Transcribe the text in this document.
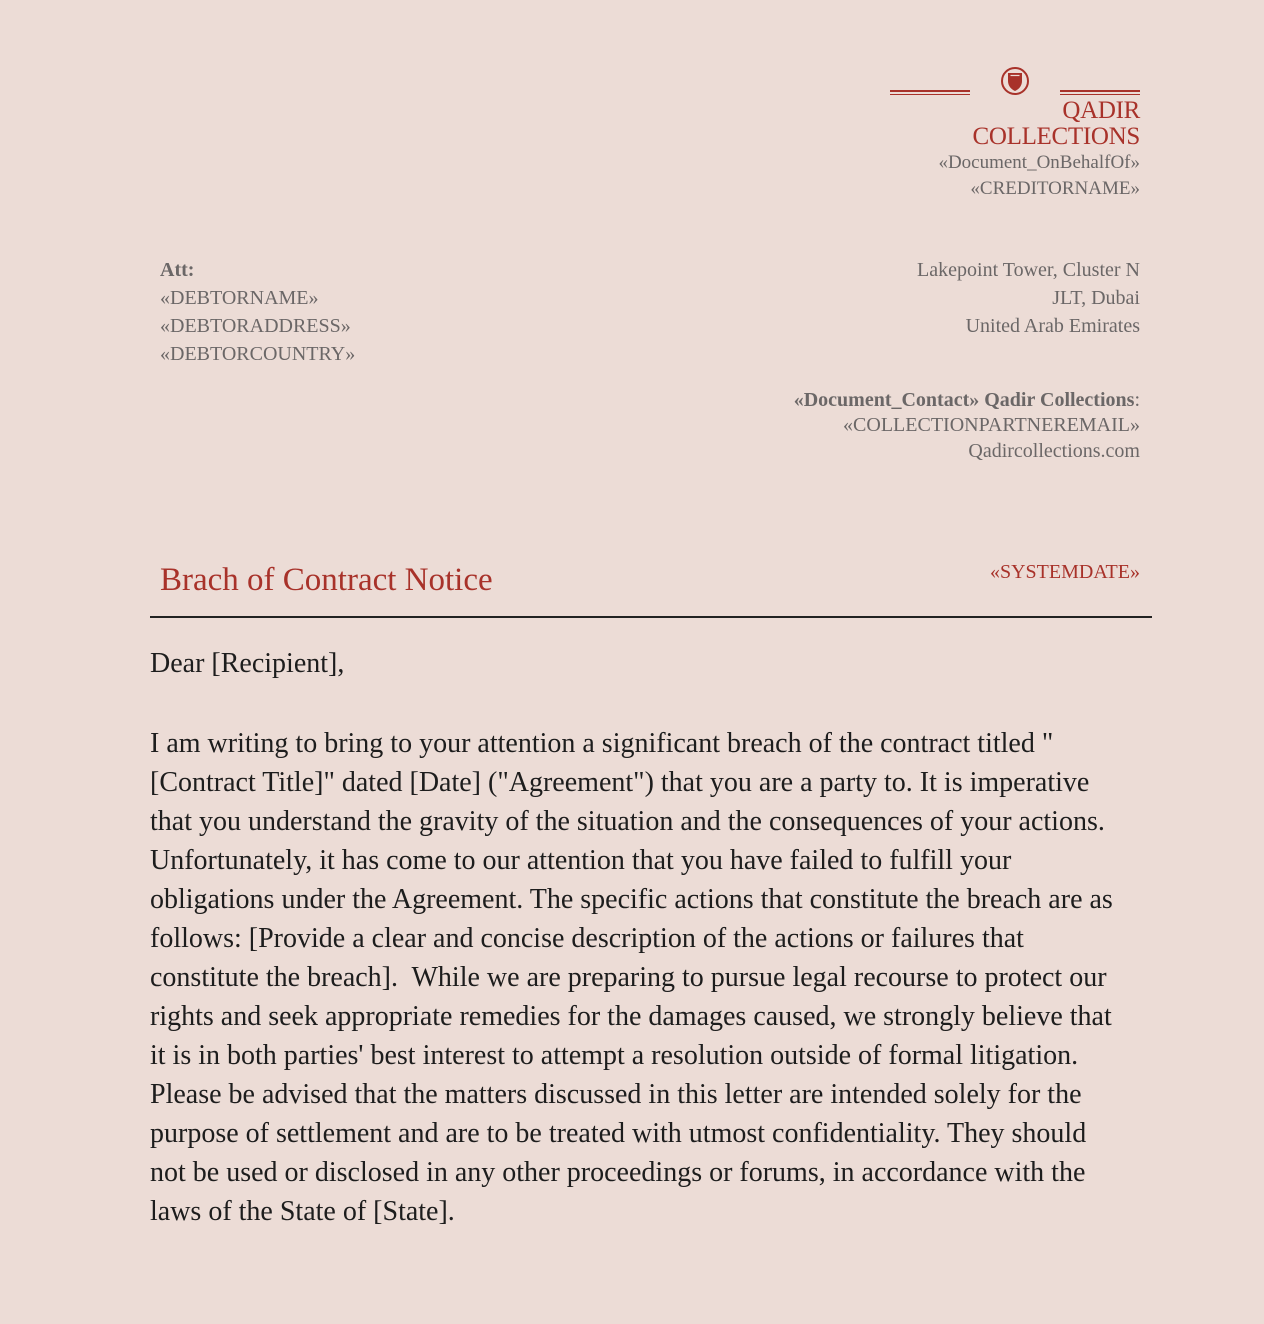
QADIR COLLECTIONS
«Document_OnBehalfOf»
«CREDITORNAME»
Att:
«DEBTORNAME»
«DEBTORADDRESS»
«DEBTORCOUNTRY»
Lakepoint Tower, Cluster N
JLT, Dubai
United Arab Emirates
«Document_Contact» Qadir Collections:
«COLLECTIONPARTNEREMAIL»
Qadircollections.com
Brach of Contract Notice	«SYSTEMDATE»
Dear [Recipient],

I am writing to bring to your attention a significant breach of the contract titled "[Contract Title]" dated [Date] ("Agreement") that you are a party to. It is imperative that you understand the gravity of the situation and the consequences of your actions.  Unfortunately, it has come to our attention that you have failed to fulfill your obligations under the Agreement. The specific actions that constitute the breach are as follows: [Provide a clear and concise description of the actions or failures that constitute the breach].  While we are preparing to pursue legal recourse to protect our rights and seek appropriate remedies for the damages caused, we strongly believe that it is in both parties' best interest to attempt a resolution outside of formal litigation.  Please be advised that the matters discussed in this letter are intended solely for the purpose of settlement and are to be treated with utmost confidentiality. They should not be used or disclosed in any other proceedings or forums, in accordance with the laws of the State of [State].
